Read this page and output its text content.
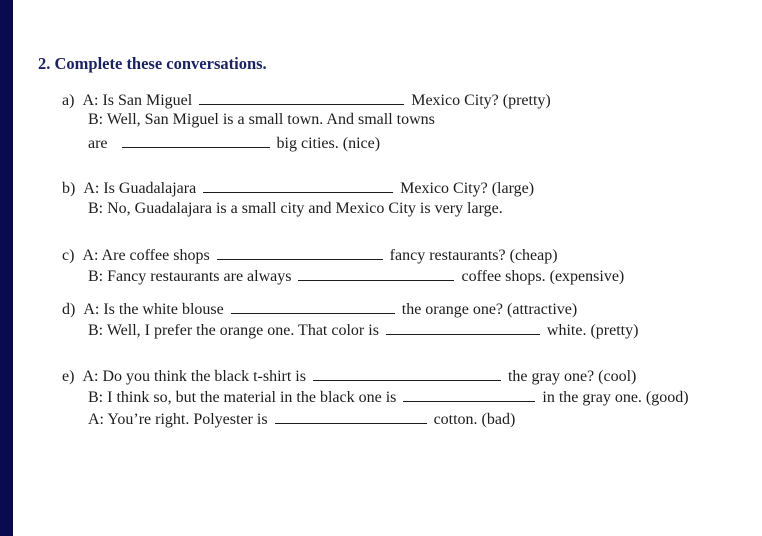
2. Complete these conversations.
a) A: Is San Miguel	Mexico City? (pretty)
B: Well, San Miguel is a small town. And small towns
are	big cities. (nice)
b) A: Is Guadalajara	Mexico City? (large)
B: No, Guadalajara is a small city and Mexico City is very large.
c) A: Are coffee shops	fancy restaurants? (cheap)
B: Fancy restaurants are always	coffee shops. (expensive)
d) A: Is the white blouse	the orange one? (attractive)
B: Well, I prefer the orange one. That color is	white. (pretty)
e) A: Do you think the black t-shirt is	the gray one? (cool)
B: I think so, but the material in the black one is	in the gray one. (good)
A: You’re right. Polyester is	cotton. (bad)
